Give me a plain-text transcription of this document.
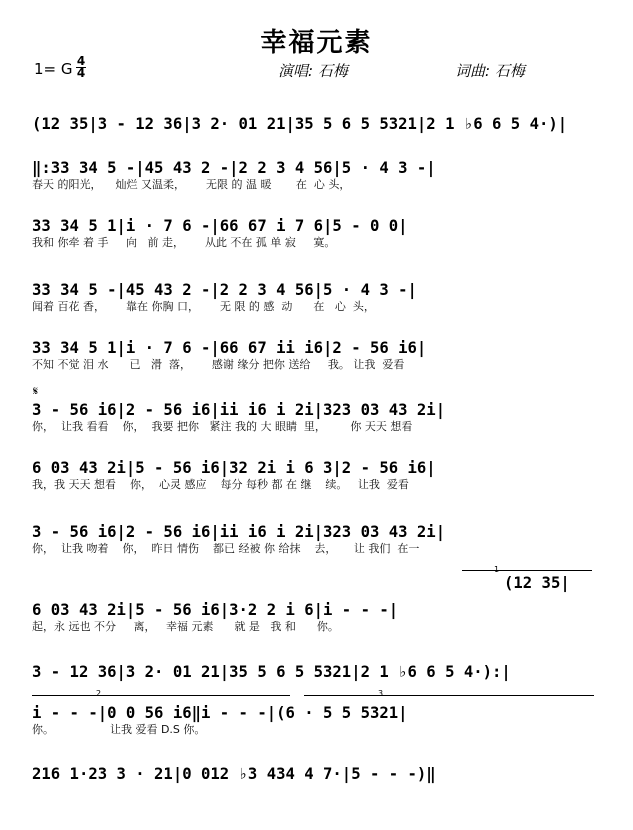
幸福元素
1= G 4
4	演唱: 石梅	词曲: 石梅
(12 35|3 - 12 36|3 2· 01 21|35 5 6 5 5321|2 1 ♭6 6 5 4·)|
‖:33 34 5 -|45 43 2 -|2 2 3 4 56|5 · 4 3 -|
春天 的阳光，    灿烂 又温柔，      无限 的 温 暖       在  心 头，
33 34 5 1|i · 7 6 -|66 67 i 7 6|5 - 0 0|
我和 你牵 着 手     向   前 走，      从此 不在 孤 单 寂     寞。
33 34 5 -|45 43 2 -|2 2 3 4 56|5 · 4 3 -|
闻着 百花 香，      靠在 你胸 口，      无 限 的 感  动      在   心  头，
33 34 5 1|i · 7 6 -|66 67 ii i6|2 - 56 i6|
不知 不觉 泪 水      已   滑  落，      感谢 缘分 把你 送给     我。 让我  爱看
𝄋
3 - 56 i6|2 - 56 i6|ii i6 i 2i|323 03 43 2i|
你，  让我 看看    你，  我要 把你   紧注 我的 大 眼睛  里，       你 天天 想看
6 03 43 2i|5 - 56 i6|32 2i i 6 3|2 - 56 i6|
我，我 天天 想看    你，  心灵 感应    每分 每秒 都 在 继    续。   让我  爱看
3 - 56 i6|2 - 56 i6|ii i6 i 2i|323 03 43 2i|
你，  让我 吻着    你，  昨日 情伤    都已 经被 你 给抹    去，     让 我们  在一
1
(12 35|
6 03 43 2i|5 - 56 i6|3·2 2 i 6|i - - -|
起，永 远也 不分     离，   幸福 元素      就 是   我 和      你。
3 - 12 36|3 2· 01 21|35 5 6 5 5321|2 1 ♭6 6 5 4·):|
2	3
i - - -|0 0 56 i6‖i - - -|(6 · 5 5 5321|
你。                让我 爱看 D.S 你。
216 1·23 3 · 21|0 012 ♭3 434 4 7·|5 - - -)‖
